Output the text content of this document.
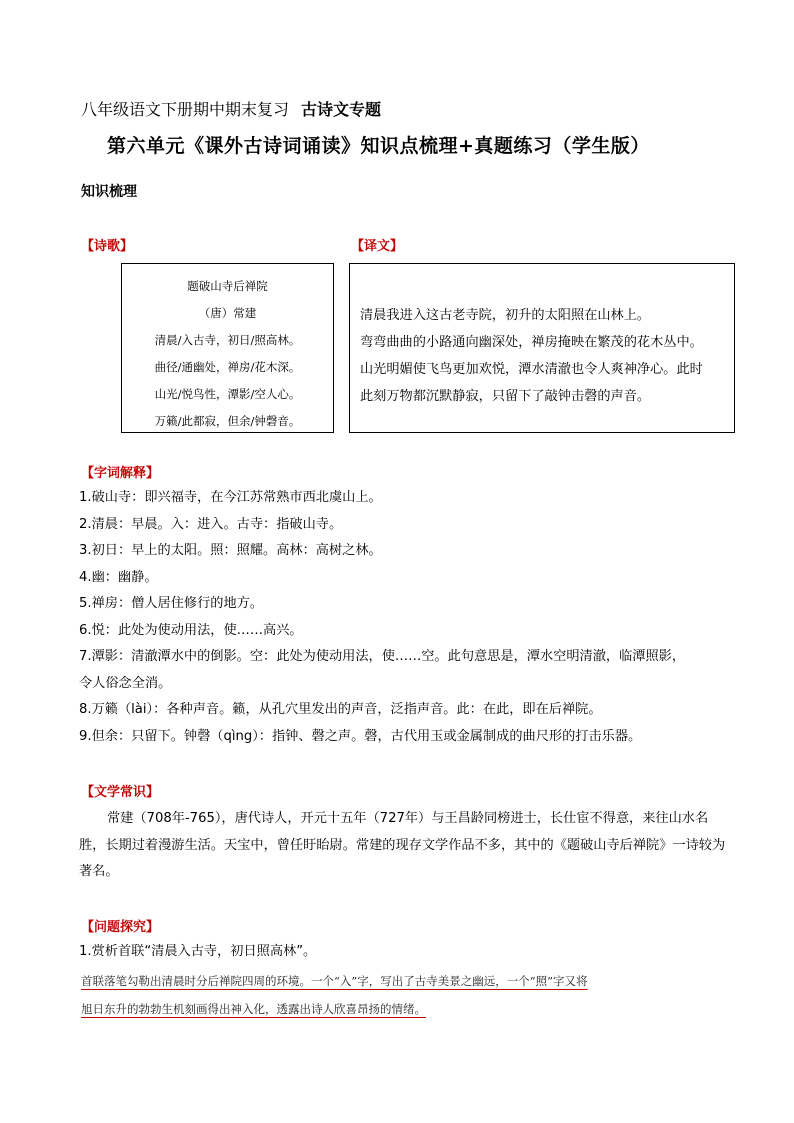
八年级语文下册期中期末复习 古诗文专题
第六单元《课外古诗词诵读》知识点梳理+真题练习（学生版）
知识梳理
【诗歌】	【译文】
题破山寺后禅院
（唐）常建
清晨/入古寺，初日/照高林。
曲径/通幽处，禅房/花木深。
山光/悦鸟性，潭影/空人心。
万籁/此都寂，但余/钟磬音。
清晨我进入这古老寺院，初升的太阳照在山林上。
弯弯曲曲的小路通向幽深处，禅房掩映在繁茂的花木丛中。
山光明媚使飞鸟更加欢悦，潭水清澈也令人爽神净心。此时
此刻万物都沉默静寂，只留下了敲钟击磬的声音。
【字词解释】
1.破山寺：即兴福寺，在今江苏常熟市西北虞山上。
2.清晨：早晨。入：进入。古寺：指破山寺。
3.初日：早上的太阳。照：照耀。高林：高树之林。
4.幽：幽静。
5.禅房：僧人居住修行的地方。
6.悦：此处为使动用法，使……高兴。
7.潭影：清澈潭水中的倒影。空：此处为使动用法，使……空。此句意思是，潭水空明清澈，临潭照影，
令人俗念全消。
8.万籁（lài）：各种声音。籁，从孔穴里发出的声音，泛指声音。此：在此，即在后禅院。
9.但余：只留下。钟磬（qìng）：指钟、磬之声。磬，古代用玉或金属制成的曲尺形的打击乐器。
【文学常识】
常建（708年-765），唐代诗人，开元十五年（727年）与王昌龄同榜进士，长仕宦不得意，来往山水名胜，长期过着漫游生活。天宝中，曾任盱眙尉。常建的现存文学作品不多，其中的《题破山寺后禅院》一诗较为著名。
【问题探究】
1.赏析首联“清晨入古寺，初日照高林”。
首联落笔勾勒出清晨时分后禅院四周的环境。一个“入”字，写出了古寺美景之幽远，一个“照”字又将
旭日东升的勃勃生机刻画得出神入化，透露出诗人欣喜昂扬的情绪。
